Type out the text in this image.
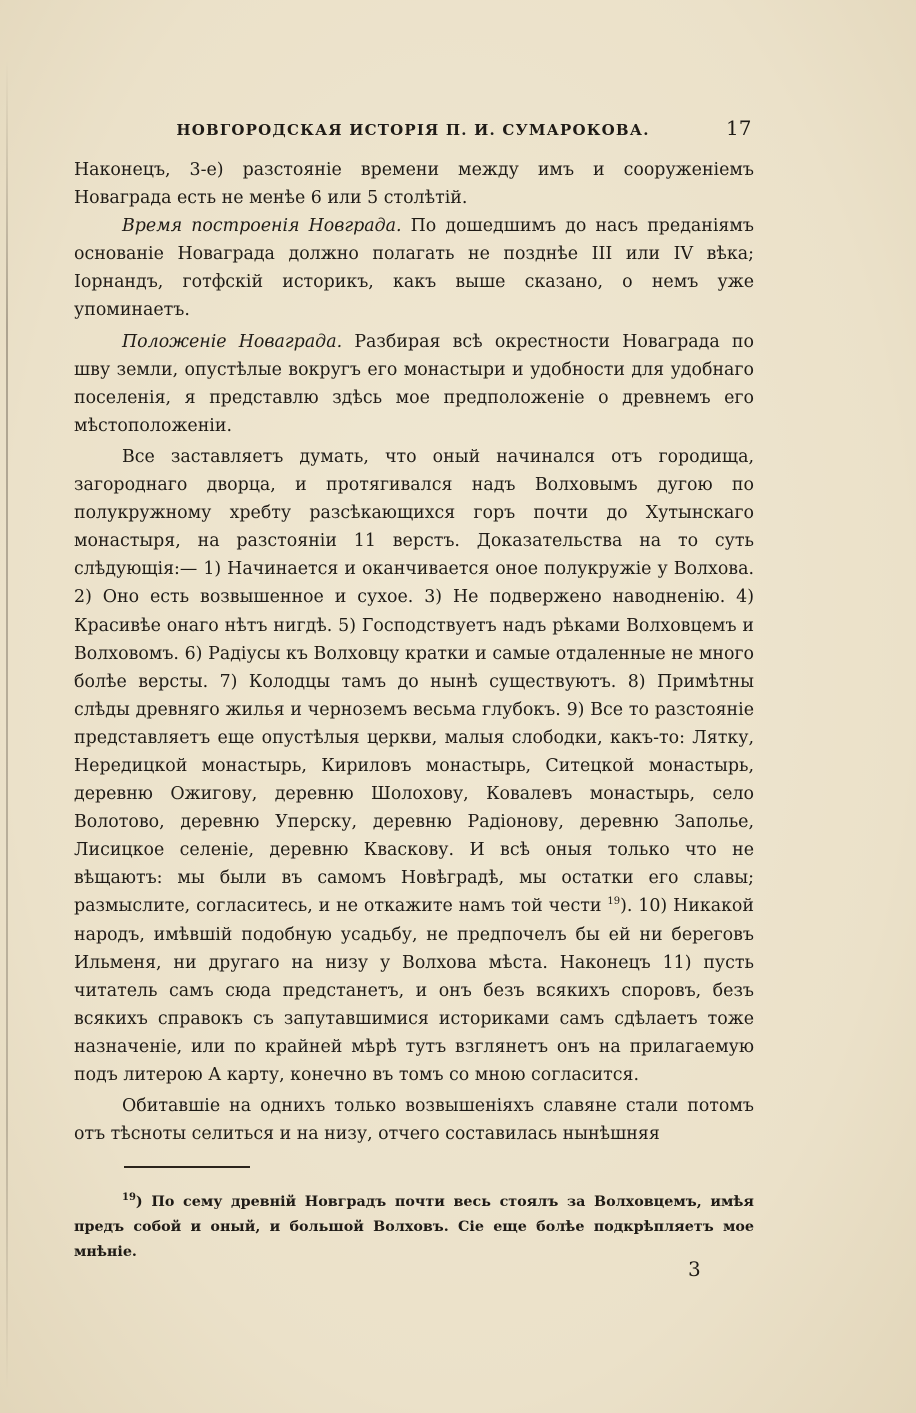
НОВГОРОДСКАЯ ИСТОРІЯ П. И. СУМАРОКОВА.	17

Наконецъ, 3-е) разстояніе времени между имъ и сооруженіемъ Новаграда есть не менѣе 6 или 5 столѣтій.

Время построенія Новграда. По дошедшимъ до насъ преданіямъ основаніе Новаграда должно полагать не позднѣе III или IV вѣка; Іорнандъ, готфскій историкъ, какъ выше сказано, о немъ уже упоминаетъ.

Положеніе Новаграда. Разбирая всѣ окрестности Новаграда по шву земли, опустѣлые вокругъ его монастыри и удобности для удобнаго поселенія, я представлю здѣсь мое предположеніе о древнемъ его мѣстоположеніи.

Все заставляетъ думать, что оный начинался отъ городища, загороднаго дворца, и протягивался надъ Волховымъ дугою по полукружному хребту разсѣкающихся горъ почти до Хутынскаго монастыря, на разстояніи 11 верстъ. Доказательства на то суть слѣдующія:— 1) Начинается и оканчивается оное полукружіе у Волхова. 2) Оно есть возвышенное и сухое. 3) Не подвержено наводненію. 4) Красивѣе онаго нѣтъ нигдѣ. 5) Господствуетъ надъ рѣками Волховцемъ и Волховомъ. 6) Радіусы къ Волховцу кратки и самые отдаленные не много болѣе версты. 7) Колодцы тамъ до нынѣ существуютъ. 8) Примѣтны слѣды древняго жилья и черноземъ весьма глубокъ. 9) Все то разстояніе представляетъ еще опустѣлыя церкви, малыя слободки, какъ-то: Лятку, Нередицкой монастырь, Кириловъ монастырь, Ситецкой монастырь, деревню Ожигову, деревню Шолохову, Ковалевъ монастырь, село Волотово, деревню Уперску, деревню Радіонову, деревню Заполье, Лисицкое селеніе, деревню Кваскову. И всѣ оныя только что не вѣщаютъ: мы были въ самомъ Новѣградѣ, мы остатки его славы; размыслите, согласитесь, и не откажите намъ той чести $^{19}$). 10) Никакой народъ, имѣвшій подобную усадьбу, не предпочелъ бы ей ни береговъ Ильменя, ни другаго на низу у Волхова мѣста. Наконецъ 11) пусть читатель самъ сюда предстанетъ, и онъ безъ всякихъ споровъ, безъ всякихъ справокъ съ запутавшимися историками самъ сдѣлаетъ тоже назначеніе, или по крайней мѣрѣ тутъ взглянетъ онъ на прилагаемую подъ литерою А карту, конечно въ томъ со мною согласится.

Обитавшіе на однихъ только возвышеніяхъ славяне стали потомъ отъ тѣсноты селиться и на низу, отчего составилась нынѣшняя

$^{19}$) По сему древній Новградъ почти весь стоялъ за Волховцемъ, имѣя предъ собой и оный, и большой Волховъ. Сіе еще болѣе подкрѣпляетъ мое мнѣніе.
3
